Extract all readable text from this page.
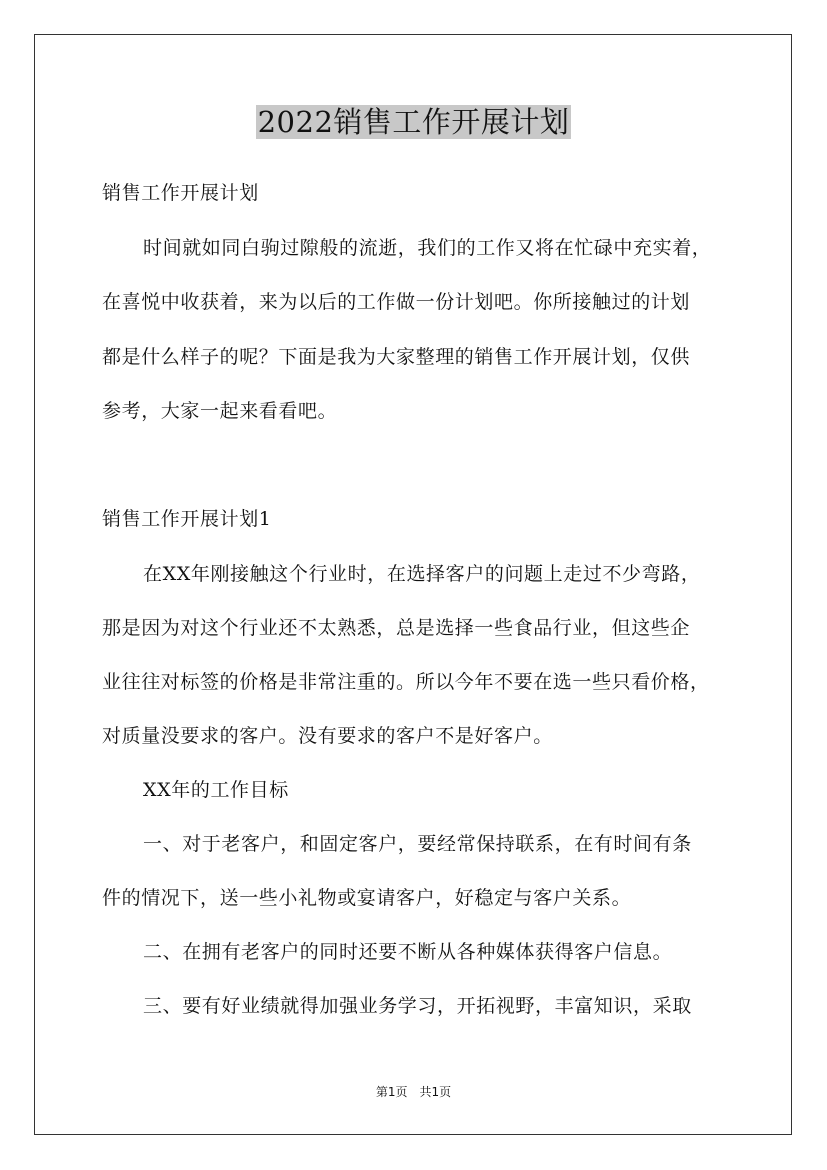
2022销售工作开展计划
销售工作开展计划
时间就如同白驹过隙般的流逝，我们的工作又将在忙碌中充实着，
在喜悦中收获着，来为以后的工作做一份计划吧。你所接触过的计划
都是什么样子的呢？下面是我为大家整理的销售工作开展计划，仅供
参考，大家一起来看看吧。
销售工作开展计划1
在XX年刚接触这个行业时，在选择客户的问题上走过不少弯路，
那是因为对这个行业还不太熟悉，总是选择一些食品行业，但这些企
业往往对标签的价格是非常注重的。所以今年不要在选一些只看价格，
对质量没要求的客户。没有要求的客户不是好客户。
XX年的工作目标
一、对于老客户，和固定客户，要经常保持联系，在有时间有条
件的情况下，送一些小礼物或宴请客户，好稳定与客户关系。
二、在拥有老客户的同时还要不断从各种媒体获得客户信息。
三、要有好业绩就得加强业务学习，开拓视野，丰富知识，采取
第1页　共1页
